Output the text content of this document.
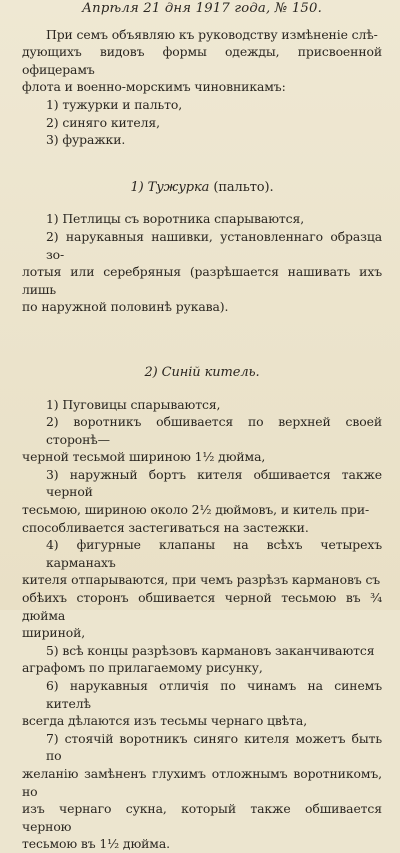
Апрѣля 21 дня 1917 года, № 150.

При семъ объявляю къ руководству измѣненіе слѣ-

дующихъ видовъ формы одежды, присвоенной офицерамъ

флота и военно-морскимъ чиновникамъ:

1) тужурки и пальто,

2) синяго кителя,

3) фуражки.

1) Тужурка (пальто).

1) Петлицы съ воротника спарываются,

2) нарукавныя нашивки, установленнаго образца зо-

лотыя или серебряныя (разрѣшается нашивать ихъ лишь

по наружной половинѣ рукава).

2) Синій китель.

1) Пуговицы спарываются,

2) воротникъ обшивается по верхней своей сторонѣ—

черной тесьмой шириною 1½ дюйма,

3) наружный бортъ кителя обшивается также черной

тесьмою, шириною около 2½ дюймовъ, и китель при-

способливается застегиваться на застежки.

4) фигурные клапаны на всѣхъ четырехъ карманахъ

кителя отпарываются, при чемъ разрѣзъ кармановъ съ

обѣихъ сторонъ обшивается черной тесьмою въ ¾ дюйма

шириной,

5) всѣ концы разрѣзовъ кармановъ заканчиваются

аграфомъ по прилагаемому рисунку,

6) нарукавныя отличія по чинамъ на синемъ кителѣ

всегда дѣлаются изъ тесьмы чернаго цвѣта,

7) стоячій воротникъ синяго кителя можетъ быть по

желанію замѣненъ глухимъ отложнымъ воротникомъ, но

изъ чернаго сукна, который также обшивается черною

тесьмою въ 1½ дюйма.
